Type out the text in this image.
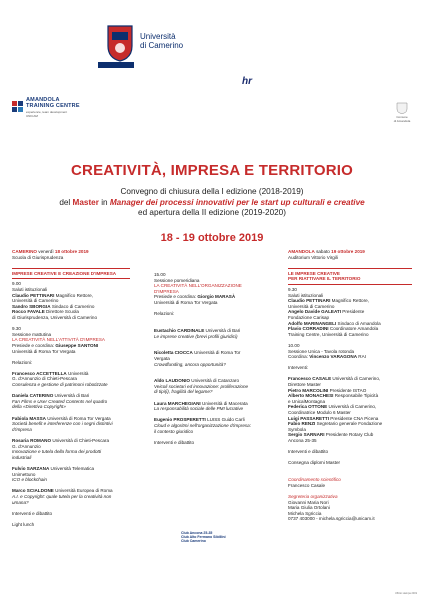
Università
di Camerino
hr
AMANDOLA
TRAINING CENTRE
experience, team development
UNICAM	Comune
di Amandola
CREATIVITÀ, IMPRESA E TERRITORIO
Convegno di chiusura della I edizione (2018-2019)
del Master in Manager dei processi innovativi per le start up culturali e creative
ed apertura della II edizione (2019-2020)
18 - 19 ottobre 2019

CAMERINO venerdì 18 ottobre 2019

Scuola di Giurisprudenza

IMPRESE CREATIVE E CREAZIONE D'IMPRESA

9.00

Saluti istituzionali

Claudio PETTINARI Magnifico Rettore,

Università di Camerino

Sandro SBORGIA Sindaco di Camerino

Rocco FAVALE Direttore Scuola

di Giurisprudenza, Università di Camerino

9.30

Sessione mattutina

LA CREATIVITÀ NELL'ATTIVITÀ D'IMPRESA

Presiede e coordina: Giuseppe SANTONI

Università di Roma Tor Vergata

Relazioni:

Francesco ACCETTELLA Università

G. d'Annunzio di Chieti-Pescara

Consulenza e gestione di patrimoni robotizzate

Daniela CATERINO Università di Bari

Fan Films e User Created Contents nel quadro

della «Direttiva Copyright»

Fabiola MASSA Università di Roma Tor Vergata

Società benefit e interferenze con i segni distintivi

d'impresa

Rosaria ROMANO Università di Chieti-Pescara

G. d'Annunzio

Innovazione e tutela della forma dei prodotti

industriali

Fulvio SARZANA Università Telematica

Unimettuno

ICO e blockchain

Marco SCIALDONE Università Europea di Roma

A.I. e Copyright: quale tutela per la creatività non

umana?

Interventi e dibattito

Light lunch

15.00

Sessione pomeridiana

LA CREATIVITÀ NELL'ORGANIZZAZIONE

D'IMPRESA

Presiede e coordina: Giorgio MARASÀ

Università di Roma Tor Vergata

Relazioni:

Eustachio CARDINALE Università di Bari

Le imprese creative (brevi profili giuridici)

Nicoletta CIOCCA Università di Roma Tor

Vergata

Crowdfunding, ancora opportunità?

Aldo LAUDONIO Università di Catanzaro

Veicoli societari ed innovazione: proliferazione

di tipi(i), fragilità del legame?

Laura MARCHEGIANI Università di Macerata

La responsabilità sociale delle PMI lucrative

Eugenio PROSPERETTI LUISS Guido Carli

Cloud e algoritmi nell'organizzazione d'impresa:

il contesto giuridico

Interventi e dibattito

Club Ancona 25-35

Club Alto Fermano Sibillini

Club Camerino

AMANDOLA sabato 19 ottobre 2019

Auditorium Vittorio Virgili

LE IMPRESE CREATIVE

PER RIATTIVARE IL TERRITORIO

9.30

Saluti istituzionali

Claudio PETTINARI Magnifico Rettore,

Università di Camerino

Angelo Davide GALEATI Presidente

Fondazione Carisap

Adolfo MARINANGELI Sindaco di Amandola

Flavio CORRADINI Coordinatore Amandola

Training Centre, Università di Camerino

10.00

Sessione Unica - Tavola rotonda

Coordina: Vincenzo VARAGONA RAI

Interventi:

Francesco CASALE Università di Camerino,

Direttore Master

Pietro MARCOLINI Presidente ISTAO

Alberto MONACHESI Responsabile Tipicità

e UnicalMontagna

Federica OTTONE Università di Camerino,

Coordinatrice Modulo 6 Master

Luigi PASSARETTI Presidente CNA Picena

Fabio RENZI Segretario generale Fondazione

Symbola

Sergio SARNARI Presidente Rotary Club

Ancona 25-35

Interventi e dibattito

Consegna diplomi Master

Coordinamento scientifico

Francesco Casale

Segreteria organizzativa

Giovanni Maria Nori

Maria Giulia Ortolani

Michela Sgriccia

0737 403000 - michela.sgriccia@unicam.it

Ufficio stampa 2019
